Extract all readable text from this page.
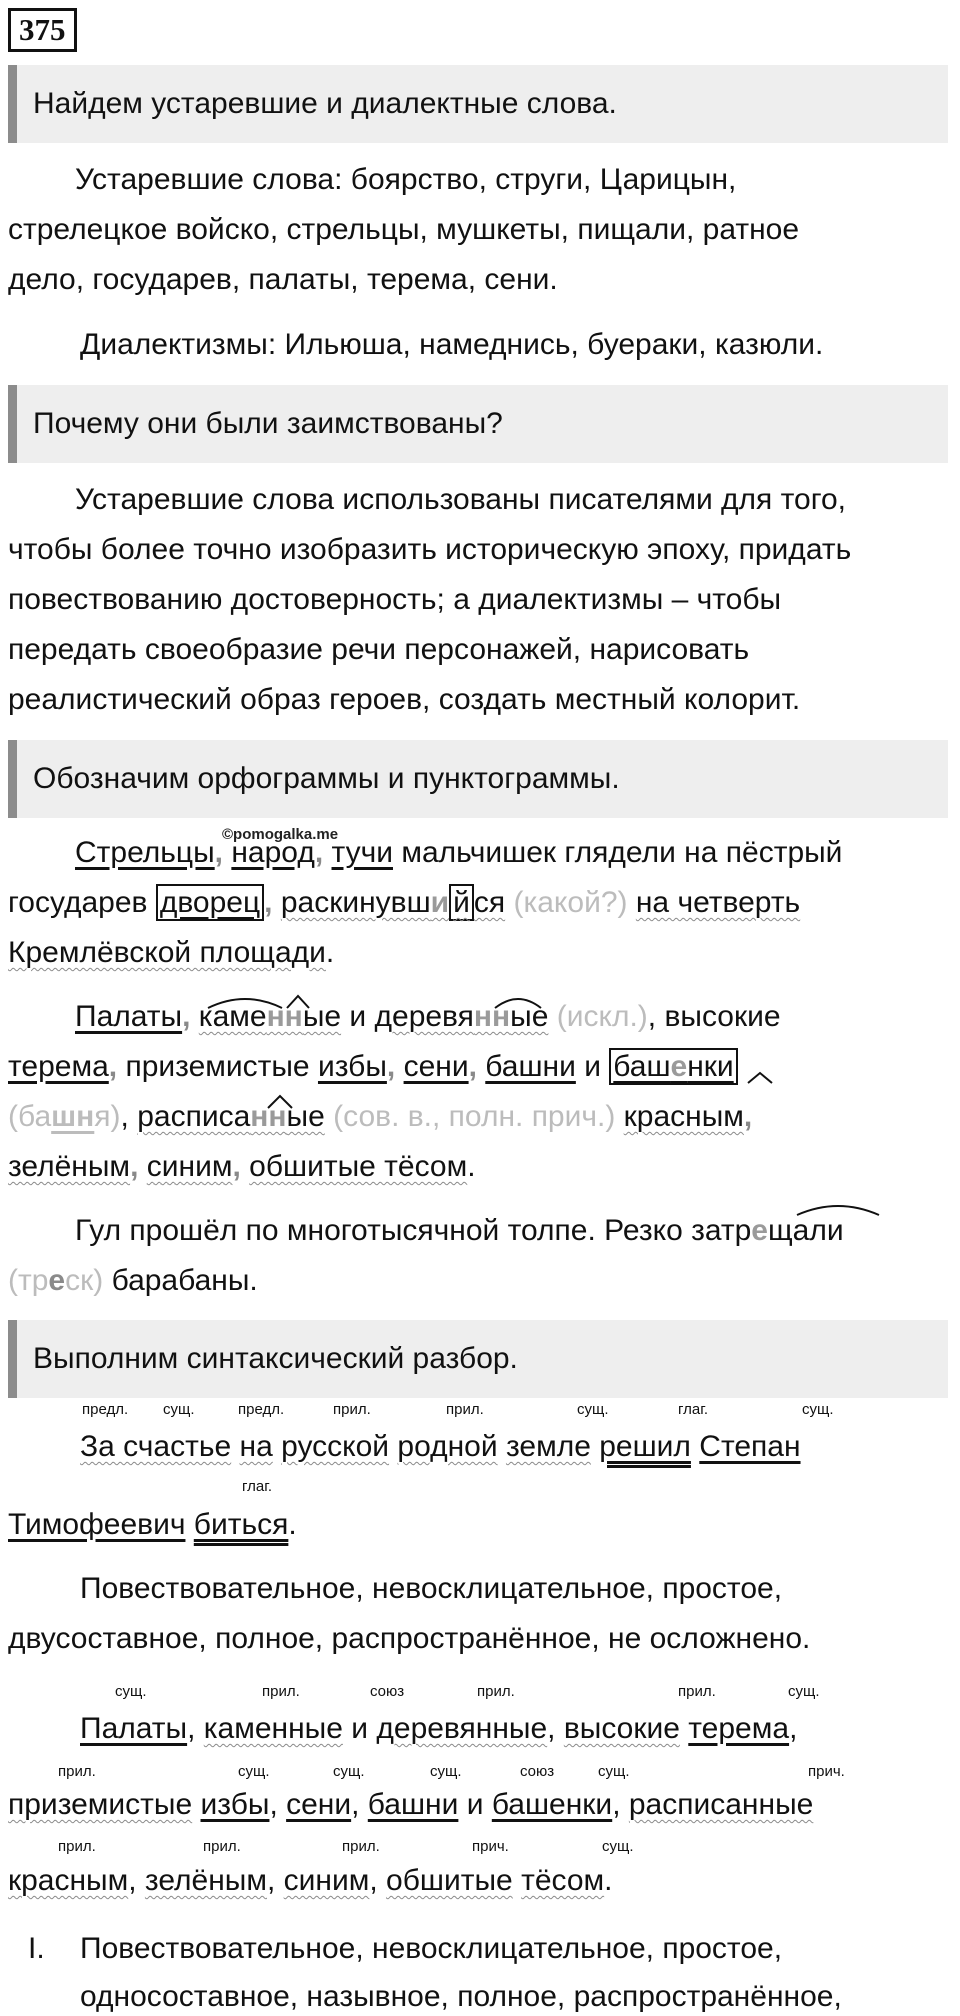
375
Найдем устаревшие и диалектные слова.
Устаревшие слова: боярство, струги, Царицын,
стрелецкое войско, стрельцы, мушкеты, пищали, ратное
дело, государев, палаты, терема, сени.
Диалектизмы: Ильюша, намеднись, буераки, казюли.
Почему они были заимствованы?
Устаревшие слова использованы писателями для того,
чтобы более точно изобразить историческую эпоху, придать
повествованию достоверность; а диалектизмы – чтобы
передать своеобразие речи персонажей, нарисовать
реалистический образ героев, создать местный колорит.
Обозначим орфограммы и пунктограммы.
©pomogalka.me
Стрельцы, народ, тучи мальчишек глядели на пёстрый
государев дворец , раскинувши й ся (какой?) на четверть
Кремлёвской площади.
Палаты, каменные и деревянные (искл.), высокие
терема, приземистые избы, сени, башни и башенки
(башня), расписанные (сов. в., полн. прич.) красным,
зелёным, синим, обшитые тёсом.
Гул прошёл по многотысячной толпе. Резко затрещали
(треск) барабаны.
Выполним синтаксический разбор.
предл. сущ.	предл.	прил.	прил.	сущ.	глаг.	сущ.
За счастье на русской родной земле решил Степан
глаг.
Тимофеевич биться.
Повествовательное, невосклицательное, простое,
двусоставное, полное, распространённое, не осложнено.
сущ.	прил.	союз	прил.	прил.	сущ.
Палаты, каменные и деревянные, высокие терема,
прил.	сущ.	сущ.	сущ.	союз	сущ.	прич.
приземистые избы, сени, башни и башенки, расписанные
прил.	прил.	прил.	прич.	сущ.
красным, зелёным, синим, обшитые тёсом.
I. Повествовательное, невосклицательное, простое,
односоставное, назывное, полное, распространённое,
